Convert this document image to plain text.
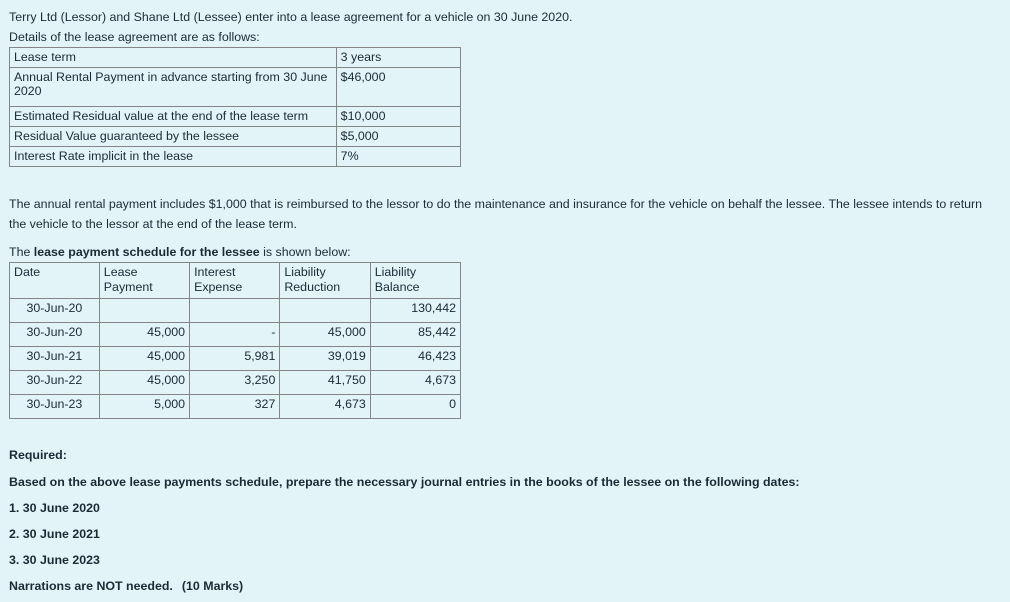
Terry Ltd (Lessor) and Shane Ltd (Lessee) enter into a lease agreement for a vehicle on 30 June 2020.

Details of the lease agreement are as follows:

Lease term	3 years
Annual Rental Payment in advance starting from 30 June 2020	$46,000
Estimated Residual value at the end of the lease term	$10,000
Residual Value guaranteed by the lessee	$5,000
Interest Rate implicit in the lease	7%

The annual rental payment includes $1,000 that is reimbursed to the lessor to do the maintenance and insurance for the vehicle on behalf the lessee. The lessee intends to return the vehicle to the lessor at the end of the lease term.

The lease payment schedule for the lessee is shown below:

Date	Lease Payment	Interest Expense	Liability Reduction	Liability Balance
30-Jun-20				130,442
30-Jun-20	45,000	-	45,000	85,442
30-Jun-21	45,000	5,981	39,019	46,423
30-Jun-22	45,000	3,250	41,750	4,673
30-Jun-23	5,000	327	4,673	0

Required:

Based on the above lease payments schedule, prepare the necessary journal entries in the books of the lessee on the following dates:

1. 30 June 2020

2. 30 June 2021

3. 30 June 2023

Narrations are NOT needed. (10 Marks)
